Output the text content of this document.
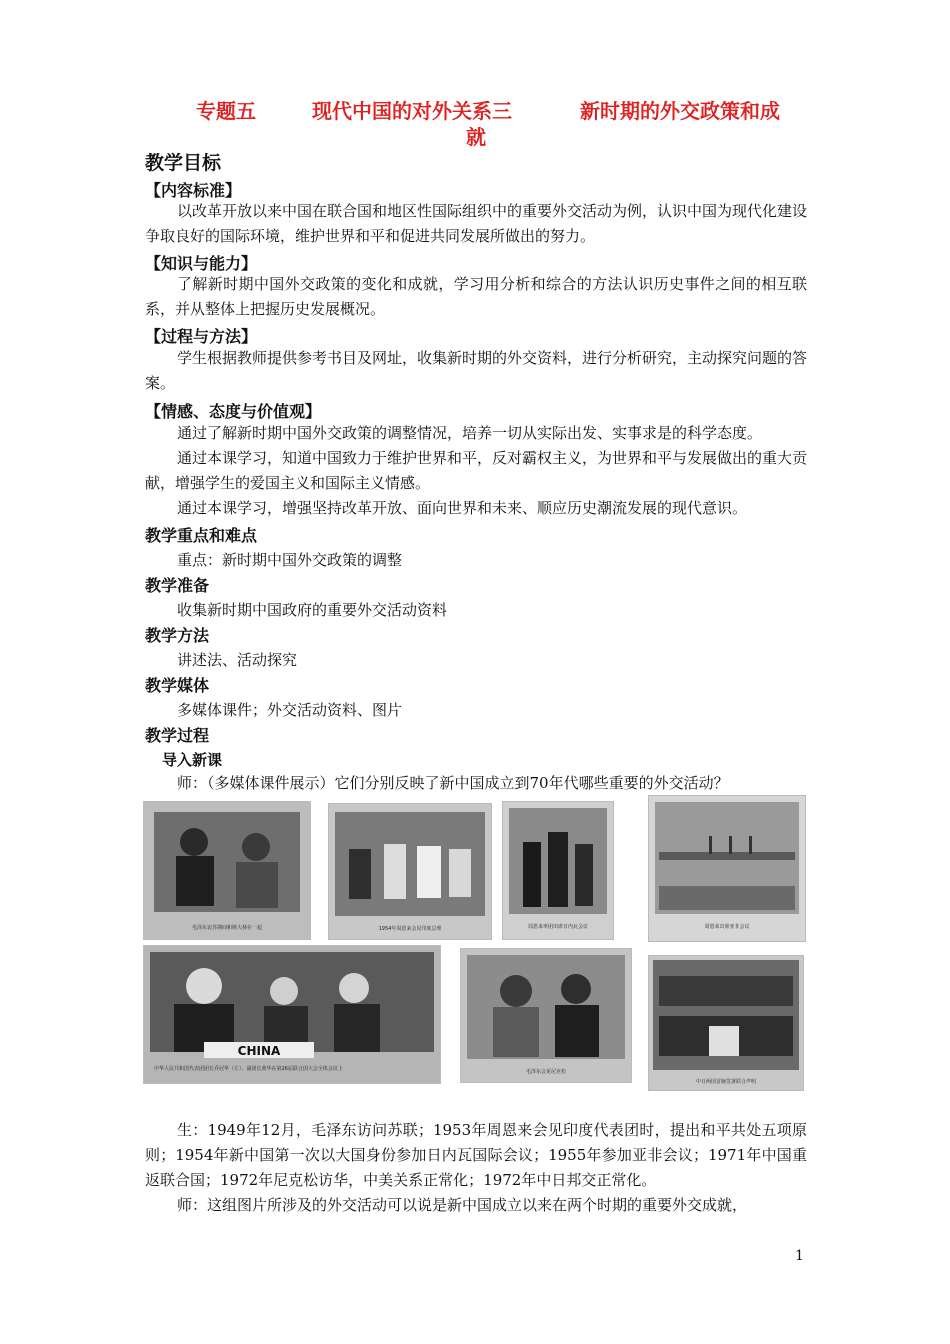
专题五	现代中国的对外关系三	新时期的外交政策和成
就
教学目标
【内容标准】
以改革开放以来中国在联合国和地区性国际组织中的重要外交活动为例，认识中国为现代化建设争取良好的国际环境，维护世界和平和促进共同发展所做出的努力。
【知识与能力】
了解新时期中国外交政策的变化和成就，学习用分析和综合的方法认识历史事件之间的相互联系，并从整体上把握历史发展概况。
【过程与方法】
学生根据教师提供参考书目及网址，收集新时期的外交资料，进行分析研究，主动探究问题的答案。
【情感、态度与价值观】
通过了解新时期中国外交政策的调整情况，培养一切从实际出发、实事求是的科学态度。
通过本课学习，知道中国致力于维护世界和平，反对霸权主义，为世界和平与发展做出的重大贡献，增强学生的爱国主义和国际主义情感。
通过本课学习，增强坚持改革开放、面向世界和未来、顺应历史潮流发展的现代意识。
教学重点和难点
重点：新时期中国外交政策的调整
教学准备
收集新时期中国政府的重要外交活动资料
教学方法
讲述法、活动探究
教学媒体
多媒体课件；外交活动资料、图片
教学过程
导入新课
师：（多媒体课件展示）它们分别反映了新中国成立到70年代哪些重要的外交活动？
毛泽东访苏期间和斯大林在一起	1954年周恩来会见印度总理	周恩来率团出席日内瓦会议	周恩来出席亚非会议
CHINA
中华人民共和国代表团团长乔冠华（左）、副团长黄华在第26届联合国大会全体会议上	毛泽东会见尼克松
中日两国首脑签署联合声明
生：1949年12月，毛泽东访问苏联；1953年周恩来会见印度代表团时，提出和平共处五项原则；1954年新中国第一次以大国身份参加日内瓦国际会议；1955年参加亚非会议；1971年中国重返联合国；1972年尼克松访华，中美关系正常化；1972年中日邦交正常化。
师：这组图片所涉及的外交活动可以说是新中国成立以来在两个时期的重要外交成就，
1
